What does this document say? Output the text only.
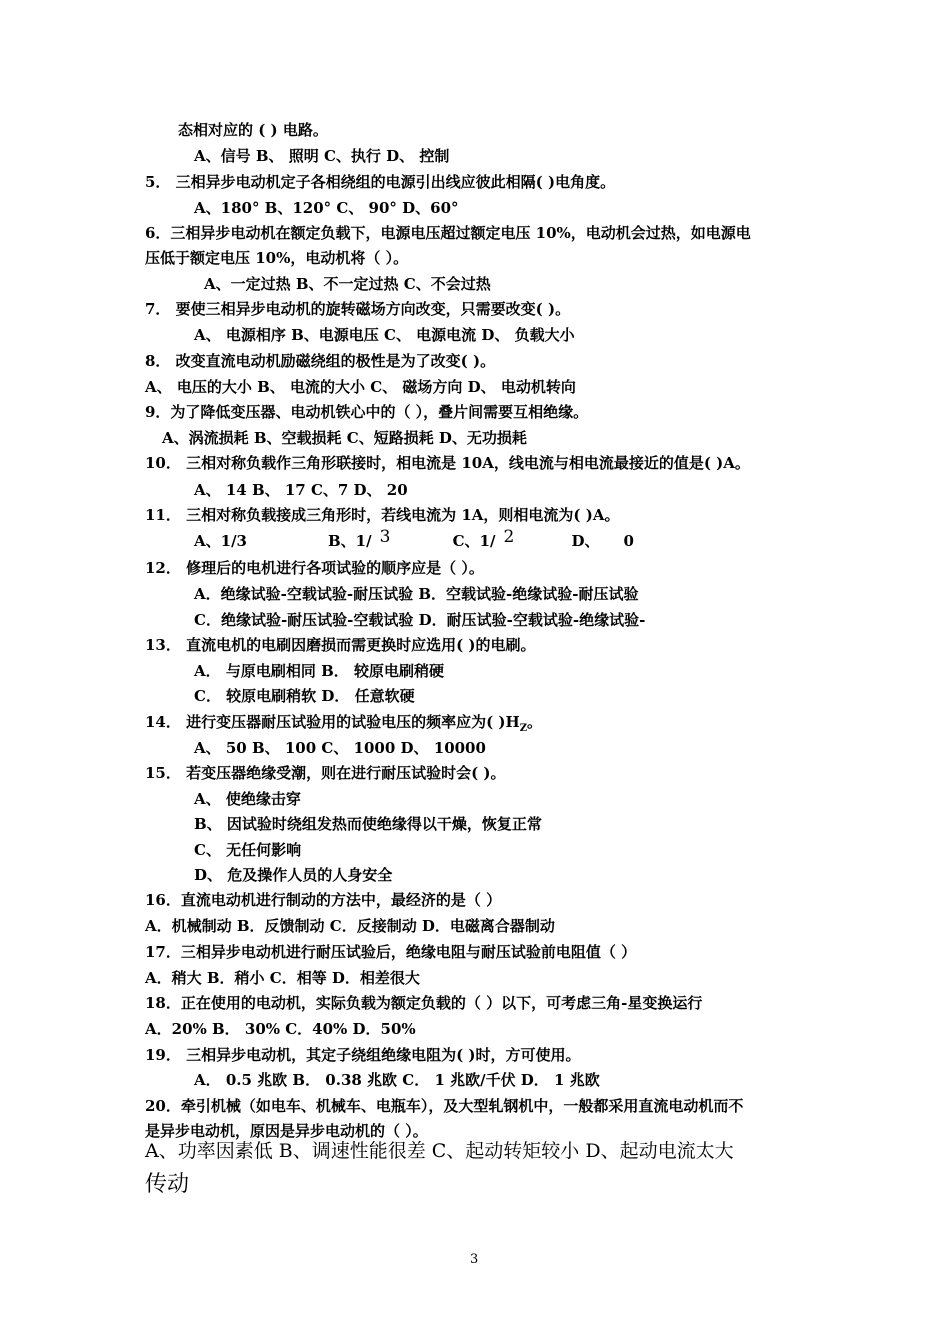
态相对应的 ( ) 电路。
A、信号 B、 照明 C、执行 D、 控制
5． 三相异步电动机定子各相绕组的电源引出线应彼此相隔( )电角度。
A、180° B、120° C、 90° D、60°
6．三相异步电动机在额定负载下，电源电压超过额定电压 10%，电动机会过热，如电源电
压低于额定电压 10%，电动机将（ ）。
A、一定过热 B、不一定过热 C、不会过热
7． 要使三相异步电动机的旋转磁场方向改变，只需要改变( )。
A、 电源相序 B、电源电压 C、 电源电流 D、 负载大小
8． 改变直流电动机励磁绕组的极性是为了改变( )。
A、 电压的大小 B、 电流的大小 C、 磁场方向 D、 电动机转向
9．为了降低变压器、电动机铁心中的（ ），叠片间需要互相绝缘。
A、涡流损耗 B、空载损耗 C、短路损耗 D、无功损耗
10． 三相对称负载作三角形联接时，相电流是 10A，线电流与相电流最接近的值是( )A。
A、 14 B、 17 C、7 D、 20
11． 三相对称负载接成三角形时，若线电流为 1A，则相电流为( )A。
12． 修理后的电机进行各项试验的顺序应是（ ）。
A．绝缘试验-空载试验-耐压试验 B．空载试验-绝缘试验-耐压试验
C．绝缘试验-耐压试验-空载试验 D．耐压试验-空载试验-绝缘试验-
13． 直流电机的电刷因磨损而需更换时应选用( )的电刷。
A． 与原电刷相同 B． 较原电刷稍硬
C． 较原电刷稍软 D． 任意软硬
A、 50 B、 100 C、 1000 D、 10000
15． 若变压器绝缘受潮，则在进行耐压试验时会( )。
A、 使绝缘击穿
B、 因试验时绕组发热而使绝缘得以干燥，恢复正常
C、 无任何影响
D、 危及操作人员的人身安全
16．直流电动机进行制动的方法中，最经济的是（ ）
A．机械制动 B．反馈制动 C．反接制动 D．电磁离合器制动
17．三相异步电动机进行耐压试验后，绝缘电阻与耐压试验前电阻值（ ）
A．稍大 B．稍小 C．相等 D．相差很大
18．正在使用的电动机，实际负载为额定负载的（ ）以下，可考虑三角-星变换运行
A．20% B． 30% C．40% D．50%
19． 三相异步电动机，其定子绕组绝缘电阻为( )时，方可使用。
A． 0.5 兆欧 B． 0.38 兆欧 C． 1 兆欧/千伏 D． 1 兆欧
20．牵引机械（如电车、机械车、电瓶车），及大型轧钢机中，一般都采用直流电动机而不
是异步电动机，原因是异步电动机的（ ）。
A、1/3	B、1/ 3	C、1/ 2	D、 0
14． 进行变压器耐压试验用的试验电压的频率应为( )$H_Z$。
A、功率因素低 B、调速性能很差 C、起动转矩较小 D、起动电流太大
传动
3
